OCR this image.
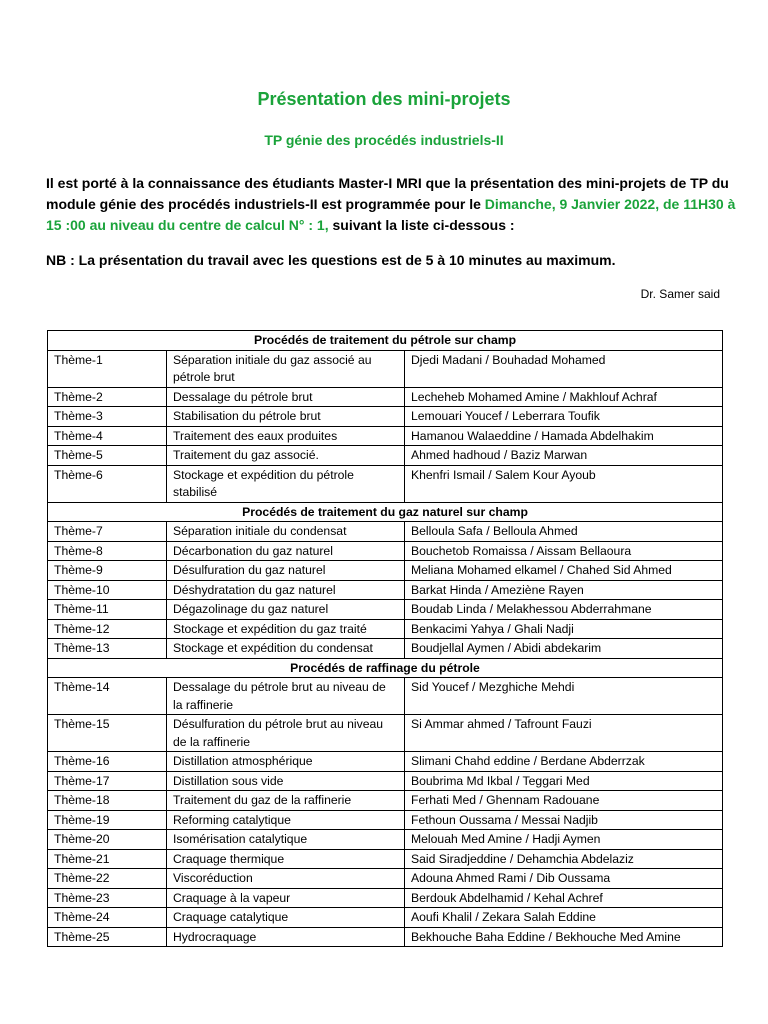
Présentation des mini-projets
TP génie des procédés industriels-II
Il est porté à la connaissance des étudiants Master-I MRI que la présentation des mini-projets de TP du module génie des procédés industriels-II est programmée pour le Dimanche, 9 Janvier 2022, de 11H30 à 15 :00 au niveau du centre de calcul N° : 1, suivant la liste ci-dessous :
NB : La présentation du travail avec les questions est de 5 à 10 minutes au maximum.
Dr. Samer said
Procédés de traitement du pétrole sur champ		
Thème-1	Séparation initiale du gaz associé au pétrole brut	Djedi Madani / Bouhadad Mohamed
Thème-2	Dessalage du pétrole brut	Lecheheb Mohamed Amine / Makhlouf Achraf
Thème-3	Stabilisation du pétrole brut	Lemouari Youcef / Leberrara Toufik
Thème-4	Traitement des eaux produites	Hamanou Walaeddine / Hamada Abdelhakim
Thème-5	Traitement du gaz associé.	Ahmed hadhoud / Baziz Marwan
Thème-6	Stockage et expédition du pétrole stabilisé	Khenfri Ismail / Salem Kour Ayoub
Procédés de traitement du gaz naturel sur champ		
Thème-7	Séparation initiale du condensat	Belloula Safa / Belloula Ahmed
Thème-8	Décarbonation du gaz naturel	Bouchetob Romaissa / Aissam Bellaoura
Thème-9	Désulfuration du gaz naturel	Meliana Mohamed elkamel / Chahed Sid Ahmed
Thème-10	Déshydratation du gaz naturel	Barkat Hinda / Ameziène Rayen
Thème-11	Dégazolinage du gaz naturel	Boudab Linda / Melakhessou Abderrahmane
Thème-12	Stockage et expédition du gaz traité	Benkacimi Yahya / Ghali Nadji
Thème-13	Stockage et expédition du condensat	Boudjellal Aymen / Abidi abdekarim
Procédés de raffinage du pétrole		
Thème-14	Dessalage du pétrole brut au niveau de la raffinerie	Sid Youcef / Mezghiche Mehdi
Thème-15	Désulfuration du pétrole brut au niveau de la raffinerie	Si Ammar ahmed / Tafrount Fauzi
Thème-16	Distillation atmosphérique	Slimani Chahd eddine / Berdane Abderrzak
Thème-17	Distillation sous vide	Boubrima Md Ikbal / Teggari Med
Thème-18	Traitement du gaz de la raffinerie	Ferhati Med / Ghennam Radouane
Thème-19	Reforming catalytique	Fethoun Oussama / Messai Nadjib
Thème-20	Isomérisation catalytique	Melouah Med Amine / Hadji Aymen
Thème-21	Craquage thermique	Said Siradjeddine / Dehamchia Abdelaziz
Thème-22	Viscoréduction	Adouna Ahmed Rami / Dib Oussama
Thème-23	Craquage à la vapeur	Berdouk Abdelhamid / Kehal Achref
Thème-24	Craquage catalytique	Aoufi Khalil / Zekara Salah Eddine
Thème-25	Hydrocraquage	Bekhouche Baha Eddine / Bekhouche Med Amine
